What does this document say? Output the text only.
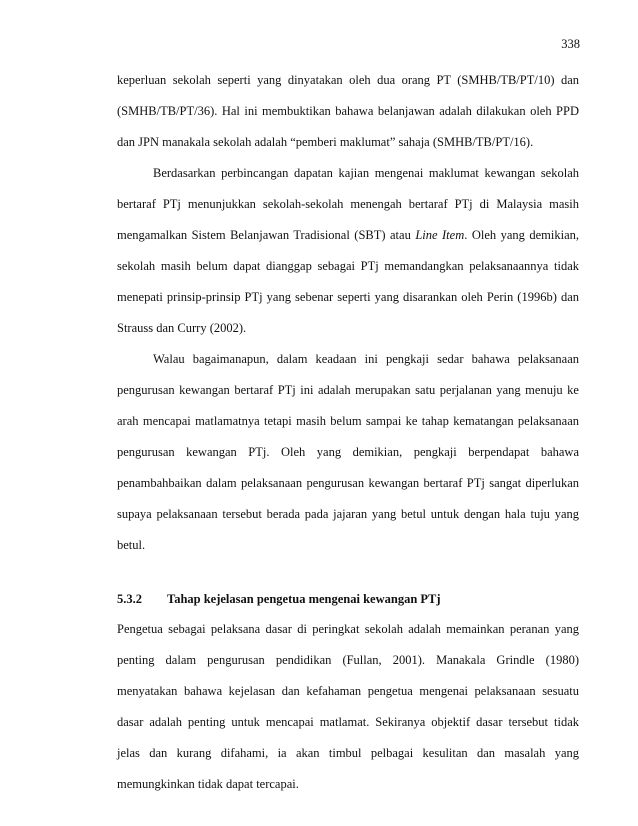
338
keperluan sekolah seperti yang dinyatakan oleh dua orang PT (SMHB/TB/PT/10) dan
(SMHB/TB/PT/36). Hal ini membuktikan bahawa belanjawan adalah dilakukan oleh PPD
dan JPN manakala sekolah adalah “pemberi maklumat” sahaja (SMHB/TB/PT/16).
Berdasarkan perbincangan dapatan kajian mengenai maklumat kewangan sekolah
bertaraf PTj menunjukkan sekolah-sekolah menengah bertaraf PTj di Malaysia masih
mengamalkan Sistem Belanjawan Tradisional (SBT) atau Line Item. Oleh yang demikian,
sekolah masih belum dapat dianggap sebagai PTj memandangkan pelaksanaannya tidak
menepati prinsip-prinsip PTj yang sebenar seperti yang disarankan oleh Perin (1996b) dan
Strauss dan Curry (2002).
Walau bagaimanapun, dalam keadaan ini pengkaji sedar bahawa pelaksanaan
pengurusan kewangan bertaraf PTj ini adalah merupakan satu perjalanan yang menuju ke
arah mencapai matlamatnya tetapi masih belum sampai ke tahap kematangan pelaksanaan
pengurusan kewangan PTj. Oleh yang demikian, pengkaji berpendapat bahawa
penambahbaikan dalam pelaksanaan pengurusan kewangan bertaraf PTj sangat diperlukan
supaya pelaksanaan tersebut berada pada jajaran yang betul untuk dengan hala tuju yang
betul.
5.3.2 Tahap kejelasan pengetua mengenai kewangan PTj
Pengetua sebagai pelaksana dasar di peringkat sekolah adalah memainkan peranan yang
penting dalam pengurusan pendidikan (Fullan, 2001). Manakala Grindle (1980)
menyatakan bahawa kejelasan dan kefahaman pengetua mengenai pelaksanaan sesuatu
dasar adalah penting untuk mencapai matlamat. Sekiranya objektif dasar tersebut tidak
jelas dan kurang difahami, ia akan timbul pelbagai kesulitan dan masalah yang
memungkinkan tidak dapat tercapai.
